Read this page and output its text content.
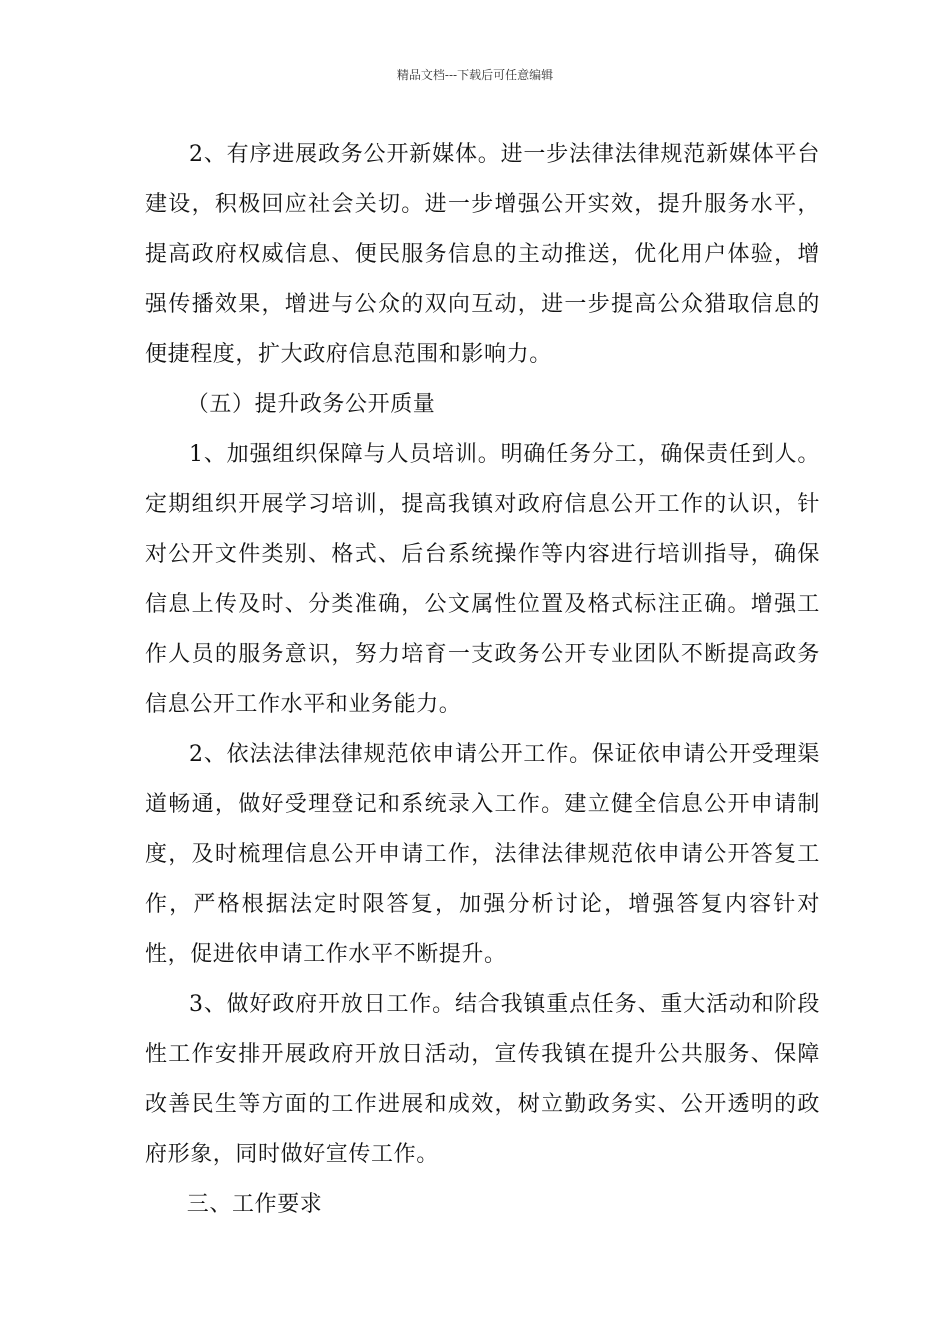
精品文档---下载后可任意编辑

2、有序进展政务公开新媒体。进一步法律法律规范新媒体平台建设，积极回应社会关切。进一步增强公开实效，提升服务水平，提高政府权威信息、便民服务信息的主动推送，优化用户体验，增强传播效果，增进与公众的双向互动，进一步提高公众猎取信息的便捷程度，扩大政府信息范围和影响力。

（五）提升政务公开质量

1、加强组织保障与人员培训。明确任务分工，确保责任到人。定期组织开展学习培训，提高我镇对政府信息公开工作的认识，针对公开文件类别、格式、后台系统操作等内容进行培训指导，确保信息上传及时、分类准确，公文属性位置及格式标注正确。增强工作人员的服务意识，努力培育一支政务公开专业团队不断提高政务信息公开工作水平和业务能力。

2、依法法律法律规范依申请公开工作。保证依申请公开受理渠道畅通，做好受理登记和系统录入工作。建立健全信息公开申请制度，及时梳理信息公开申请工作，法律法律规范依申请公开答复工作，严格根据法定时限答复，加强分析讨论，增强答复内容针对性，促进依申请工作水平不断提升。

3、做好政府开放日工作。结合我镇重点任务、重大活动和阶段性工作安排开展政府开放日活动，宣传我镇在提升公共服务、保障改善民生等方面的工作进展和成效，树立勤政务实、公开透明的政府形象，同时做好宣传工作。

三、工作要求
